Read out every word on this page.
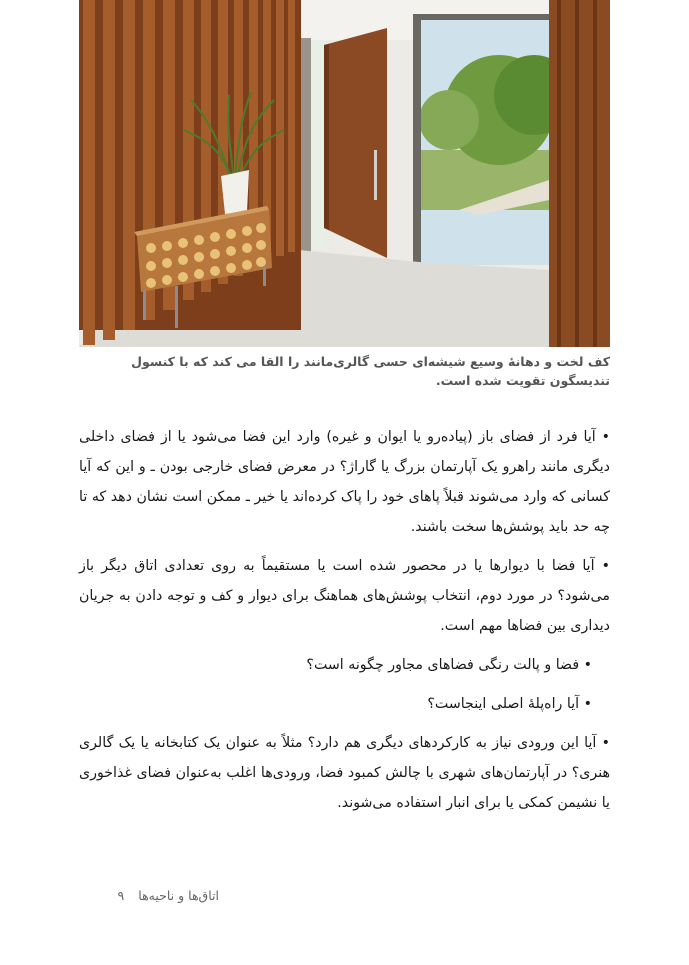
کف لخت و دهانهٔ وسیع شیشه‌ای حسی گالری‌مانند را القا می کند که با کنسول تندیسگون تقویت شده است.

• آیا فرد از فضای باز (پیاده‌رو یا ایوان و غیره) وارد این فضا می‌شود یا از فضای داخلی دیگری مانند راهرو یک آپارتمان بزرگ یا گاراژ؟ در معرض فضای خارجی بودن ـ و این که آیا کسانی که وارد می‌شوند قبلاً پاهای خود را پاک کرده‌اند یا خیر ـ ممکن است نشان دهد که تا چه حد باید پوشش‌ها سخت باشند.

• آیا فضا با دیوارها یا در محصور شده است یا مستقیماً به روی تعدادی اتاق دیگر باز می‌شود؟ در مورد دوم، انتخاب پوشش‌های هماهنگ برای دیوار و کف و توجه دادن به جریان دیداری بین فضاها مهم است.

• فضا و پالت رنگی فضاهای مجاور چگونه است؟

• آیا راه‌پلهٔ اصلی اینجاست؟

• آیا این ورودی نیاز به کارکردهای دیگری هم دارد؟ مثلاً به عنوان یک کتابخانه یا یک گالری هنری؟ در آپارتمان‌های شهری با چالش کمبود فضا، ورودی‌ها اغلب به‌عنوان فضای غذاخوری یا نشیمن کمکی یا برای انبار استفاده می‌شوند.

اتاق‌ها و ناحیه‌ها
۹
